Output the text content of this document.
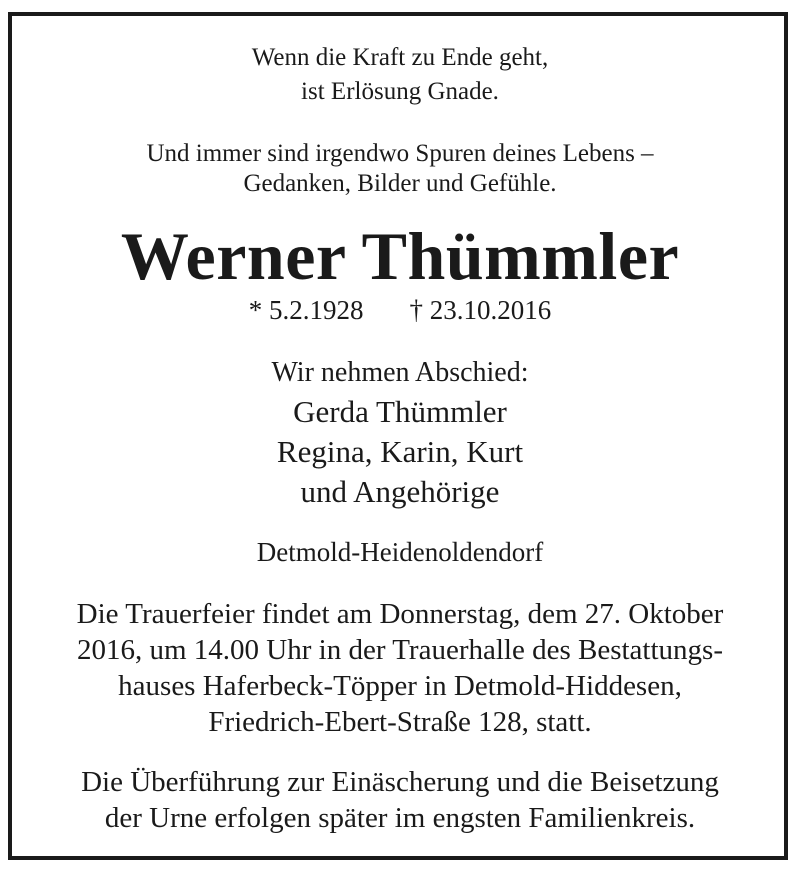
Wenn die Kraft zu Ende geht,
ist Erlösung Gnade.
Und immer sind irgendwo Spuren deines Lebens –
Gedanken, Bilder und Gefühle.
Werner Thümmler
* 5.2.1928 † 23.10.2016
Wir nehmen Abschied:
Gerda Thümmler
Regina, Karin, Kurt
und Angehörige
Detmold-Heidenoldendorf
Die Trauerfeier findet am Donnerstag, dem 27. Oktober
2016, um 14.00 Uhr in der Trauerhalle des Bestattungs-
hauses Haferbeck-Töpper in Detmold-Hiddesen,
Friedrich-Ebert-Straße 128, statt.
Die Überführung zur Einäscherung und die Beisetzung
der Urne erfolgen später im engsten Familienkreis.
